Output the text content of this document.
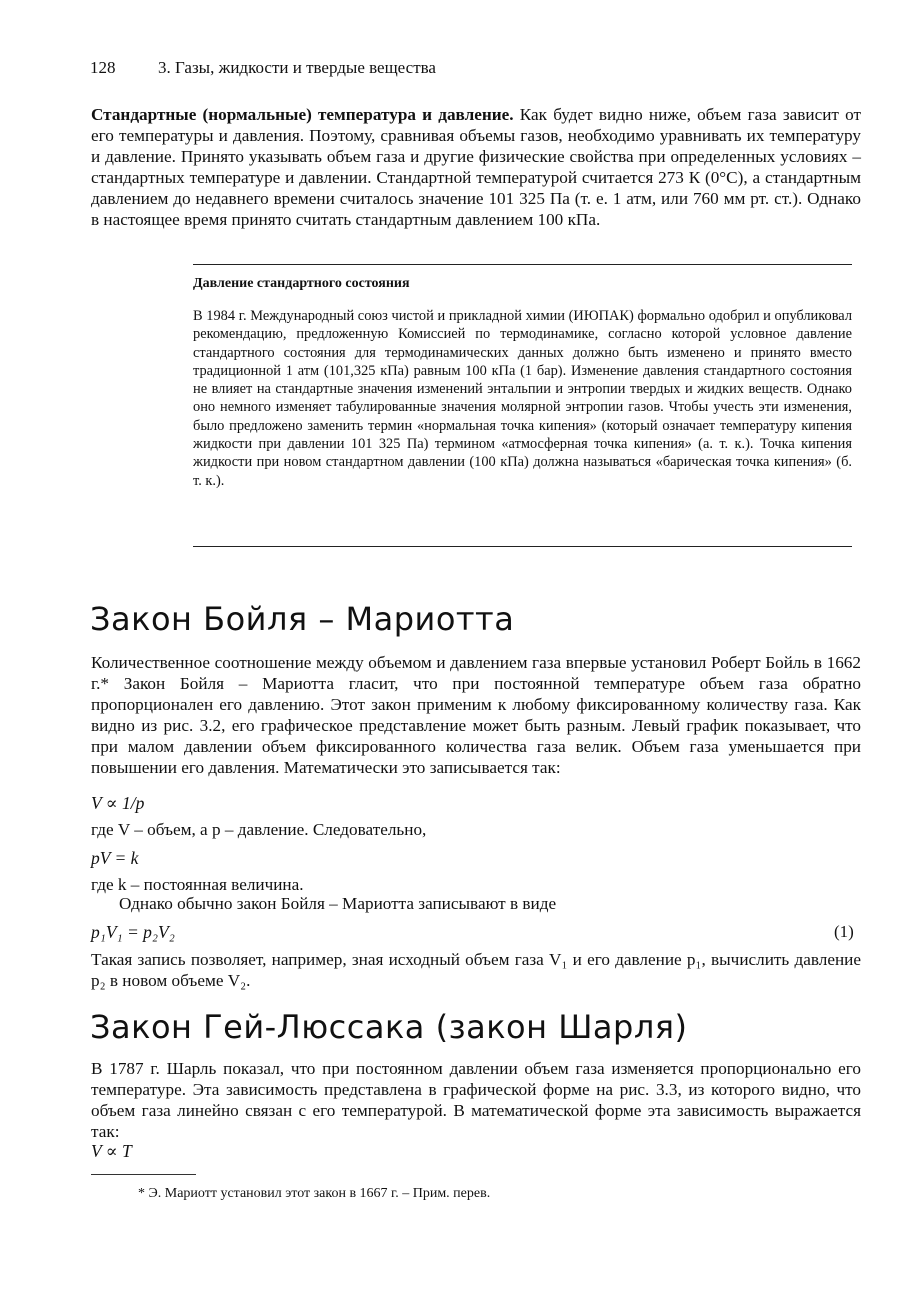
128	3. Газы, жидкости и твердые вещества
Стандартные (нормальные) температура и давление. Как будет видно ниже, объем газа зависит от его температуры и давления. Поэтому, сравнивая объемы газов, необходимо уравнивать их температуру и давление. Принято указывать объем газа и другие физические свойства при определенных условиях – стандартных температуре и давлении. Стандартной температурой считается 273 К (0°С), а стандартным давлением до недавнего времени считалось значение 101 325 Па (т. е. 1 атм, или 760 мм рт. ст.). Однако в настоящее время принято считать стандартным давлением 100 кПа.
Давление стандартного состояния
В 1984 г. Международный союз чистой и прикладной химии (ИЮПАК) формально одобрил и опубликовал рекомендацию, предложенную Комиссией по термодинамике, согласно которой условное давление стандартного состояния для термодинамических данных должно быть изменено и принято вместо традиционной 1 атм (101,325 кПа) равным 100 кПа (1 бар). Изменение давления стандартного состояния не влияет на стандартные значения изменений энтальпии и энтропии твердых и жидких веществ. Однако оно немного изменяет табулированные значения молярной энтропии газов. Чтобы учесть эти изменения, было предложено заменить термин «нормальная точка кипения» (который означает температуру кипения жидкости при давлении 101 325 Па) термином «атмосферная точка кипения» (а. т. к.). Точка кипения жидкости при новом стандартном давлении (100 кПа) должна называться «барическая точка кипения» (б. т. к.).
Закон Бойля – Мариотта
Количественное соотношение между объемом и давлением газа впервые установил Роберт Бойль в 1662 г.* Закон Бойля – Мариотта гласит, что при постоянной температуре объем газа обратно пропорционален его давлению. Этот закон применим к любому фиксированному количеству газа. Как видно из рис. 3.2, его графическое представление может быть разным. Левый график показывает, что при малом давлении объем фиксированного количества газа велик. Объем газа уменьшается при повышении его давления. Математически это записывается так:
V ∝ 1/p
где V – объем, а p – давление. Следовательно,
pV = k
где k – постоянная величина.
Однако обычно закон Бойля – Мариотта записывают в виде
p₁V₁ = p₂V₂	(1)
Такая запись позволяет, например, зная исходный объем газа V₁ и его давление p₁, вычислить давление p₂ в новом объеме V₂.
Закон Гей-Люссака (закон Шарля)
В 1787 г. Шарль показал, что при постоянном давлении объем газа изменяется пропорционально его температуре. Эта зависимость представлена в графической форме на рис. 3.3, из которого видно, что объем газа линейно связан с его температурой. В математической форме эта зависимость выражается так:
V ∝ T
* Э. Мариотт установил этот закон в 1667 г. – Прим. перев.
